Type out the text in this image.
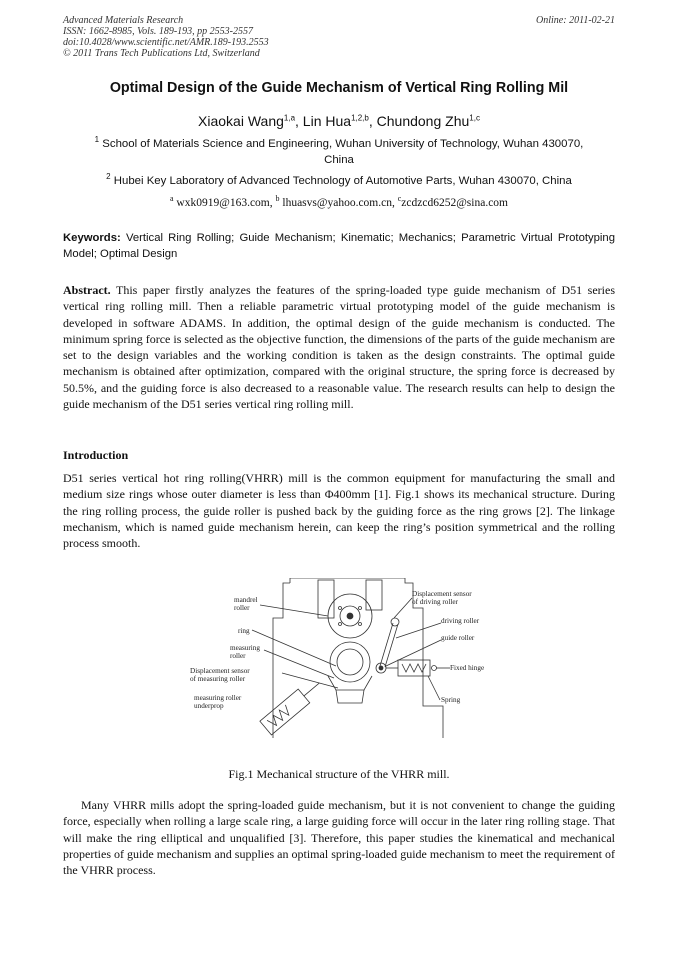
Advanced Materials Research
ISSN: 1662-8985, Vols. 189-193, pp 2553-2557
doi:10.4028/www.scientific.net/AMR.189-193.2553
© 2011 Trans Tech Publications Ltd, Switzerland
Online: 2011-02-21
Optimal Design of the Guide Mechanism of Vertical Ring Rolling Mil
Xiaokai Wang$^{1,a}$, Lin Hua$^{1,2,b}$, Chundong Zhu$^{1,c}$
$^1$ School of Materials Science and Engineering, Wuhan University of Technology, Wuhan 430070,
China
$^2$ Hubei Key Laboratory of Advanced Technology of Automotive Parts, Wuhan 430070, China
$^a$ wxk0919@163.com, $^b$ lhuasvs@yahoo.com.cn, $^c$zcdzcd6252@sina.com
Keywords: Vertical Ring Rolling; Guide Mechanism; Kinematic; Mechanics; Parametric Virtual Prototyping Model; Optimal Design
Abstract. This paper firstly analyzes the features of the spring-loaded type guide mechanism of D51 series vertical ring rolling mill. Then a reliable parametric virtual prototyping model of the guide mechanism is developed in software ADAMS. In addition, the optimal design of the guide mechanism is conducted. The minimum spring force is selected as the objective function, the dimensions of the parts of the guide mechanism are set to the design variables and the working condition is taken as the design constraints. The optimal guide mechanism is obtained after optimization, compared with the original structure, the spring force is decreased by 50.5%, and the guiding force is also decreased to a reasonable value. The research results can help to design the guide mechanism of the D51 series vertical ring rolling mill.
Introduction
D51 series vertical hot ring rolling(VHRR) mill is the common equipment for manufacturing the small and medium size rings whose outer diameter is less than Φ400mm [1]. Fig.1 shows its mechanical structure. During the ring rolling process, the guide roller is pushed back by the guiding force as the ring grows [2]. The linkage mechanism, which is named guide mechanism herein, can keep the ring’s position symmetrical and the rolling process smooth.
mandrel
roller
ring
measuring
roller
Displacement sensor
of measuring roller
measuring roller
underprop
Displacement sensor
of driving roller
driving roller
guide roller
Fixed hinge
Spring
Fig.1 Mechanical structure of the VHRR mill.
Many VHRR mills adopt the spring-loaded guide mechanism, but it is not convenient to change the guiding force, especially when rolling a large scale ring, a large guiding force will occur in the later ring rolling stage. That will make the ring elliptical and unqualified [3]. Therefore, this paper studies the kinematical and mechanical properties of guide mechanism and supplies an optimal spring-loaded guide mechanism to meet the requirement of the VHRR process.
